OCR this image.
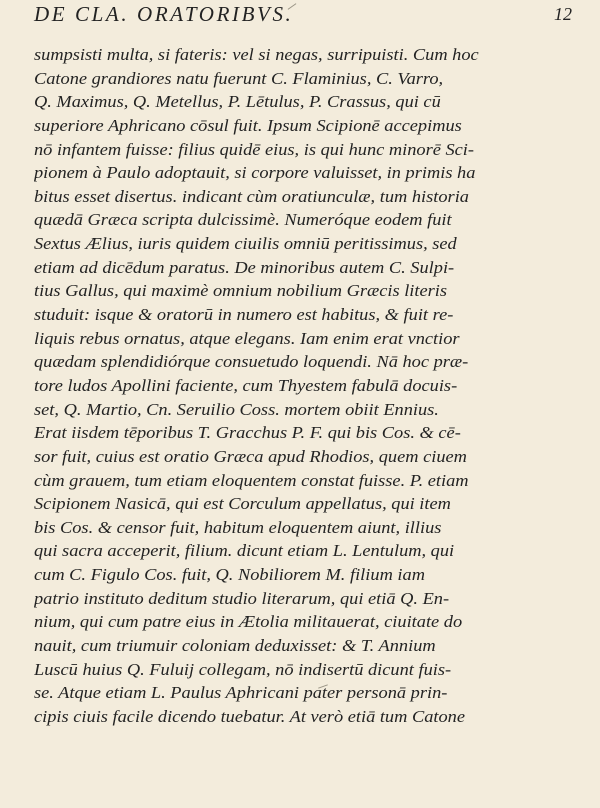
DE CLA. ORATORIBVS.	12
sumpsisti multa, si fateris: vel si negas, surripuisti. Cum hoc
Catone grandiores natu fuerunt C. Flaminius, C. Varro,
Q. Maximus, Q. Metellus, P. Lētulus, P. Crassus, qui cū
superiore Aphricano cōsul fuit. Ipsum Scipionē accepimus
nō infantem fuisse: filius quidē eius, is qui hunc minorē Sci-
pionem à Paulo adoptauit, si corpore valuisset, in primis ha
bitus esset disertus. indicant cùm oratiunculæ, tum historia
quædā Græca scripta dulcissimè. Numeróque eodem fuit
Sextus Ælius, iuris quidem ciuilis omniū peritissimus, sed
etiam ad dicēdum paratus. De minoribus autem C. Sulpi-
tius Gallus, qui maximè omnium nobilium Græcis literis
studuit: isque & oratorū in numero est habitus, & fuit re-
liquis rebus ornatus, atque elegans. Iam enim erat vnctior
quædam splendidiórque consuetudo loquendi. Nā hoc præ-
tore ludos Apollini faciente, cum Thyestem fabulā docuis-
set, Q. Martio, Cn. Seruilio Coss. mortem obiit Ennius.
Erat iisdem tēporibus T. Gracchus P. F. qui bis Cos. & cē-
sor fuit, cuius est oratio Græca apud Rhodios, quem ciuem
cùm grauem, tum etiam eloquentem constat fuisse. P. etiam
Scipionem Nasicā, qui est Corculum appellatus, qui item
bis Cos. & censor fuit, habitum eloquentem aiunt, illius
qui sacra acceperit, filium. dicunt etiam L. Lentulum, qui
cum C. Figulo Cos. fuit, Q. Nobiliorem M. filium iam
patrio instituto deditum studio literarum, qui etiā Q. En-
nium, qui cum patre eius in Ætolia militauerat, ciuitate do
nauit, cum triumuir coloniam deduxisset: & T. Annium
Luscū huius Q. Fuluij collegam, nō indisertū dicunt fuis-
se. Atque etiam L. Paulus Aphricani pater personā prin-
cipis ciuis facile dicendo tuebatur. At verò etiā tum Catone
